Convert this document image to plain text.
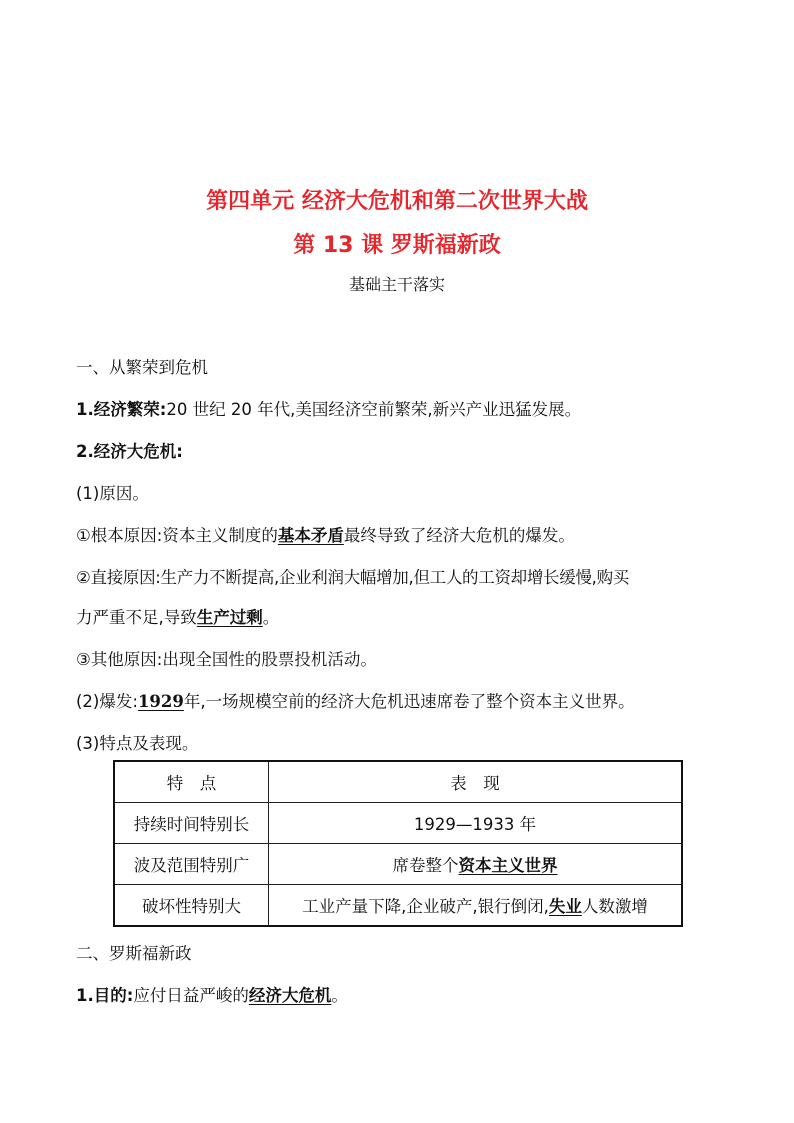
第四单元 经济大危机和第二次世界大战
第 13 课 罗斯福新政
基础主干落实
一、从繁荣到危机
1.经济繁荣:20 世纪 20 年代,美国经济空前繁荣,新兴产业迅猛发展。
2.经济大危机:
(1)原因。
①根本原因:资本主义制度的基本矛盾最终导致了经济大危机的爆发。
②直接原因:生产力不断提高,企业利润大幅增加,但工人的工资却增长缓慢,购买
力严重不足,导致生产过剩。
③其他原因:出现全国性的股票投机活动。
(2)爆发:1929年,一场规模空前的经济大危机迅速席卷了整个资本主义世界。
(3)特点及表现。
特　点	表　现
持续时间特别长	1929—1933 年
波及范围特别广	席卷整个资本主义世界
破坏性特别大	工业产量下降,企业破产,银行倒闭,失业人数激增
二、罗斯福新政
1.目的:应付日益严峻的经济大危机。
